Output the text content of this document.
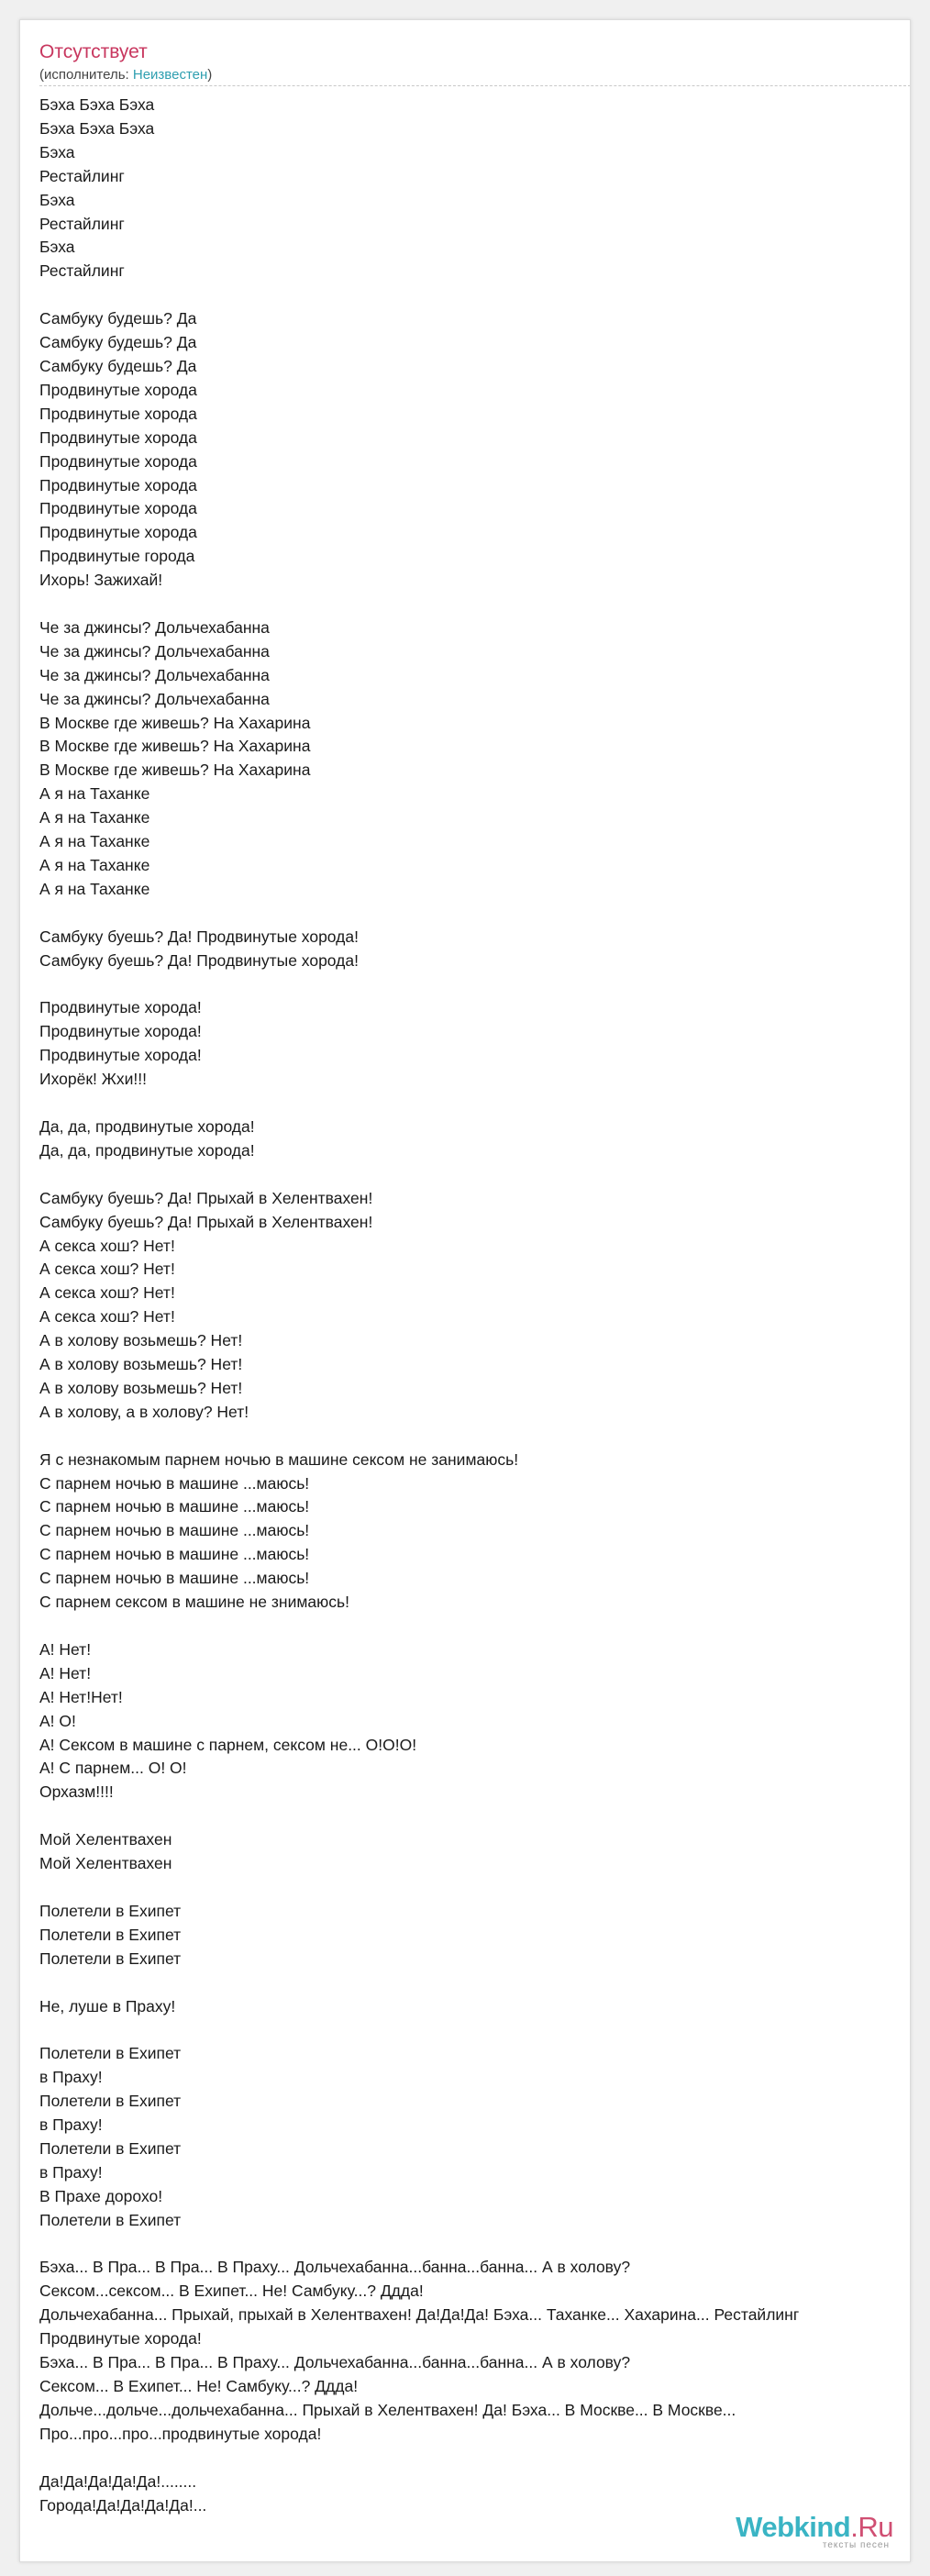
Отсутствует
(исполнитель: Неизвестен)
Бэха Бэха Бэха
Бэха Бэха Бэха
Бэха
Рестайлинг
Бэха
Рестайлинг
Бэха
Рестайлинг

Самбуку будешь? Да
Самбуку будешь? Да
Самбуку будешь? Да
Продвинутые хорода
Продвинутые хорода
Продвинутые хорода
Продвинутые хорода
Продвинутые хорода
Продвинутые хорода
Продвинутые хорода
Продвинутые города
Ихорь! Зажихай!

Че за джинсы? Дольчехабанна
Че за джинсы? Дольчехабанна
Че за джинсы? Дольчехабанна
Че за джинсы? Дольчехабанна
В Москве где живешь? На Хахарина
В Москве где живешь? На Хахарина
В Москве где живешь? На Хахарина
А я на Таханке
А я на Таханке
А я на Таханке
А я на Таханке
А я на Таханке

Самбуку буешь? Да! Продвинутые хорода!
Самбуку буешь? Да! Продвинутые хорода!

Продвинутые хорода!
Продвинутые хорода!
Продвинутые хорода!
Ихорёк! Жхи!!!

Да, да, продвинутые хорода!
Да, да, продвинутые хорода!

Самбуку буешь? Да! Прыхай в Хелентвахен!
Самбуку буешь? Да! Прыхай в Хелентвахен!
А секса хош? Нет!
А секса хош? Нет!
А секса хош? Нет!
А секса хош? Нет!
А в холову возьмешь? Нет!
А в холову возьмешь? Нет!
А в холову возьмешь? Нет!
А в холову, а в холову? Нет!

Я с незнакомым парнем ночью в машине сексом не занимаюсь!
С парнем ночью в машине ...маюсь!
С парнем ночью в машине ...маюсь!
С парнем ночью в машине ...маюсь!
С парнем ночью в машине ...маюсь!
С парнем ночью в машине ...маюсь!
С парнем сексом в машине не знимаюсь!

А! Нет!
А! Нет!
А! Нет!Нет!
А! О!
А! Сексом в машине с парнем, сексом не... О!О!О!
А! С парнем... О! О!
Орхазм!!!!

Мой Хелентвахен
Мой Хелентвахен

Полетели в Ехипет
Полетели в Ехипет
Полетели в Ехипет

Не, луше в Праху!

Полетели в Ехипет
в Праху!
Полетели в Ехипет
в Праху!
Полетели в Ехипет
в Праху!
В Прахе дорохо!
Полетели в Ехипет

Бэха... В Пра... В Пра... В Праху... Дольчехабанна...банна...банна... А в холову?
Сексом...сексом... В Ехипет... Не! Самбуку...? Дддa!
Дольчехабанна... Прыхай, прыхай в Хелентвахен! Да!Да!Да! Бэха... Таханке... Хахарина... Рестайлинг
Продвинутые хорода!
Бэха... В Пра... В Пра... В Праху... Дольчехабанна...банна...банна... А в холову?
Сексом... В Ехипет... Не! Самбуку...? Дддa!
Дольче...дольче...дольчехабанна... Прыхай в Хелентвахен! Да! Бэха... В Москве... В Москве...
Про...про...про...продвинутые хорода!

Да!Да!Да!Да!Да!........
Города!Да!Да!Да!Да!...
Webkind.Ru
тексты песен
